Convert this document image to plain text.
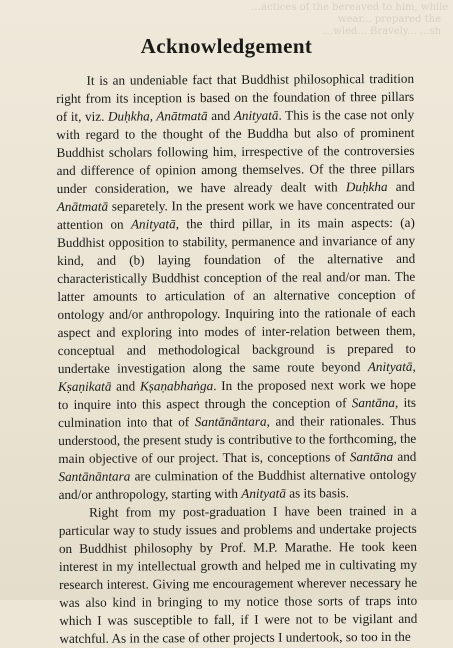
…actices of the bereaved to him, while
wear... prepared the
…wled... Bravely... ...sh
Acknowledgement

It is an undeniable fact that Buddhist philosophical tradition right from its inception is based on the foundation of three pillars of it, viz. Duḥkha, Anātmatā and Anityatā. This is the case not only with regard to the thought of the Buddha but also of prominent Buddhist scholars following him, irrespective of the controversies and difference of opinion among themselves. Of the three pillars under consideration, we have already dealt with Duḥkha and Anātmatā separetely. In the present work we have concentrated our attention on Anityatā, the third pillar, in its main aspects: (a) Buddhist opposition to stability, permanence and invariance of any kind, and (b) laying foundation of the alternative and characteristically Buddhist conception of the real and/or man. The latter amounts to articulation of an alternative conception of ontology and/or anthropology. Inquiring into the rationale of each aspect and exploring into modes of inter-relation between them, conceptual and methodological background is prepared to undertake investigation along the same route beyond Anityatā, Kṣaṇikatā and Kṣaṇabhaṅga. In the proposed next work we hope to inquire into this aspect through the conception of Santāna, its culmination into that of Santānāntara, and their rationales. Thus understood, the present study is contributive to the forthcoming, the main objective of our project. That is, conceptions of Santāna and Santānāntara are culmination of the Buddhist alternative ontology and/or anthropology, starting with Anityatā as its basis.

Right from my post-graduation I have been trained in a particular way to study issues and problems and undertake projects on Buddhist philosophy by Prof. M.P. Marathe. He took keen interest in my intellectual growth and helped me in cultivating my research interest. Giving me encouragement wherever necessary he was also kind in bringing to my notice those sorts of traps into which I was susceptible to fall, if I were not to be vigilant and watchful. As in the case of other projects I undertook, so too in the
